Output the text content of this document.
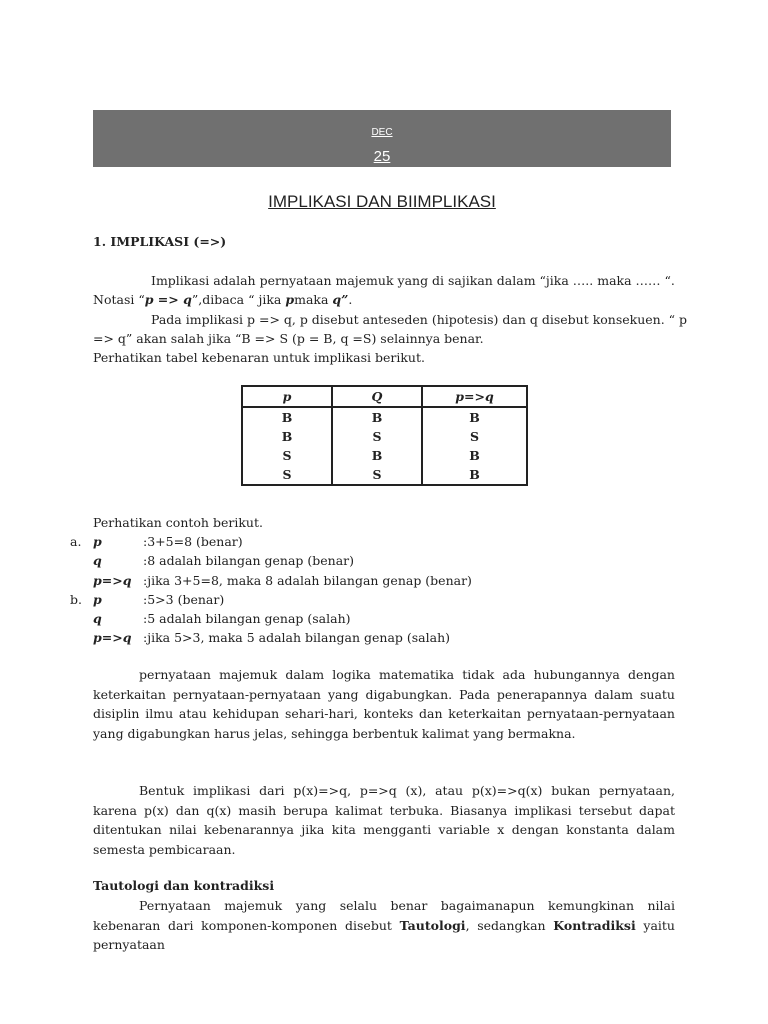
DEC
25
IMPLIKASI DAN BIIMPLIKASI
1. IMPLIKASI (=>)
Implikasi adalah pernyataan majemuk yang di sajikan dalam “jika ….. maka …… “.
Notasi “p => q”,dibaca “ jika pmaka q”.
Pada implikasi p => q, p disebut anteseden (hipotesis) dan q disebut konsekuen. “ p
=> q” akan salah jika “B => S (p = B, q =S) selainnya benar.
Perhatikan tabel kebenaran untuk implikasi berikut.
p	Q	p=>q
B	B	B
B	S	S
S	B	B
S	S	B
Perhatikan contoh berikut.
a. p	:3+5=8 (benar)
q	:8 adalah bilangan genap (benar)
p=>q :jika 3+5=8, maka 8 adalah bilangan genap (benar)
b. p	:5>3 (benar)
q	:5 adalah bilangan genap (salah)
p=>q :jika 5>3, maka 5 adalah bilangan genap (salah)
pernyataan majemuk dalam logika matematika tidak ada hubungannya dengan keterkaitan pernyataan-pernyataan yang digabungkan. Pada penerapannya dalam suatu disiplin ilmu atau kehidupan sehari-hari, konteks dan keterkaitan pernyataan-pernyataan yang digabungkan harus jelas, sehingga berbentuk kalimat yang bermakna.
Bentuk implikasi dari p(x)=>q, p=>q (x), atau p(x)=>q(x) bukan pernyataan, karena p(x) dan q(x) masih berupa kalimat terbuka. Biasanya implikasi tersebut dapat ditentukan nilai kebenarannya jika kita mengganti variable x dengan konstanta dalam semesta pembicaraan.
Tautologi dan kontradiksi
Pernyataan majemuk yang selalu benar bagaimanapun kemungkinan nilai kebenaran dari komponen-komponen disebut Tautologi, sedangkan Kontradiksi yaitu pernyataan
